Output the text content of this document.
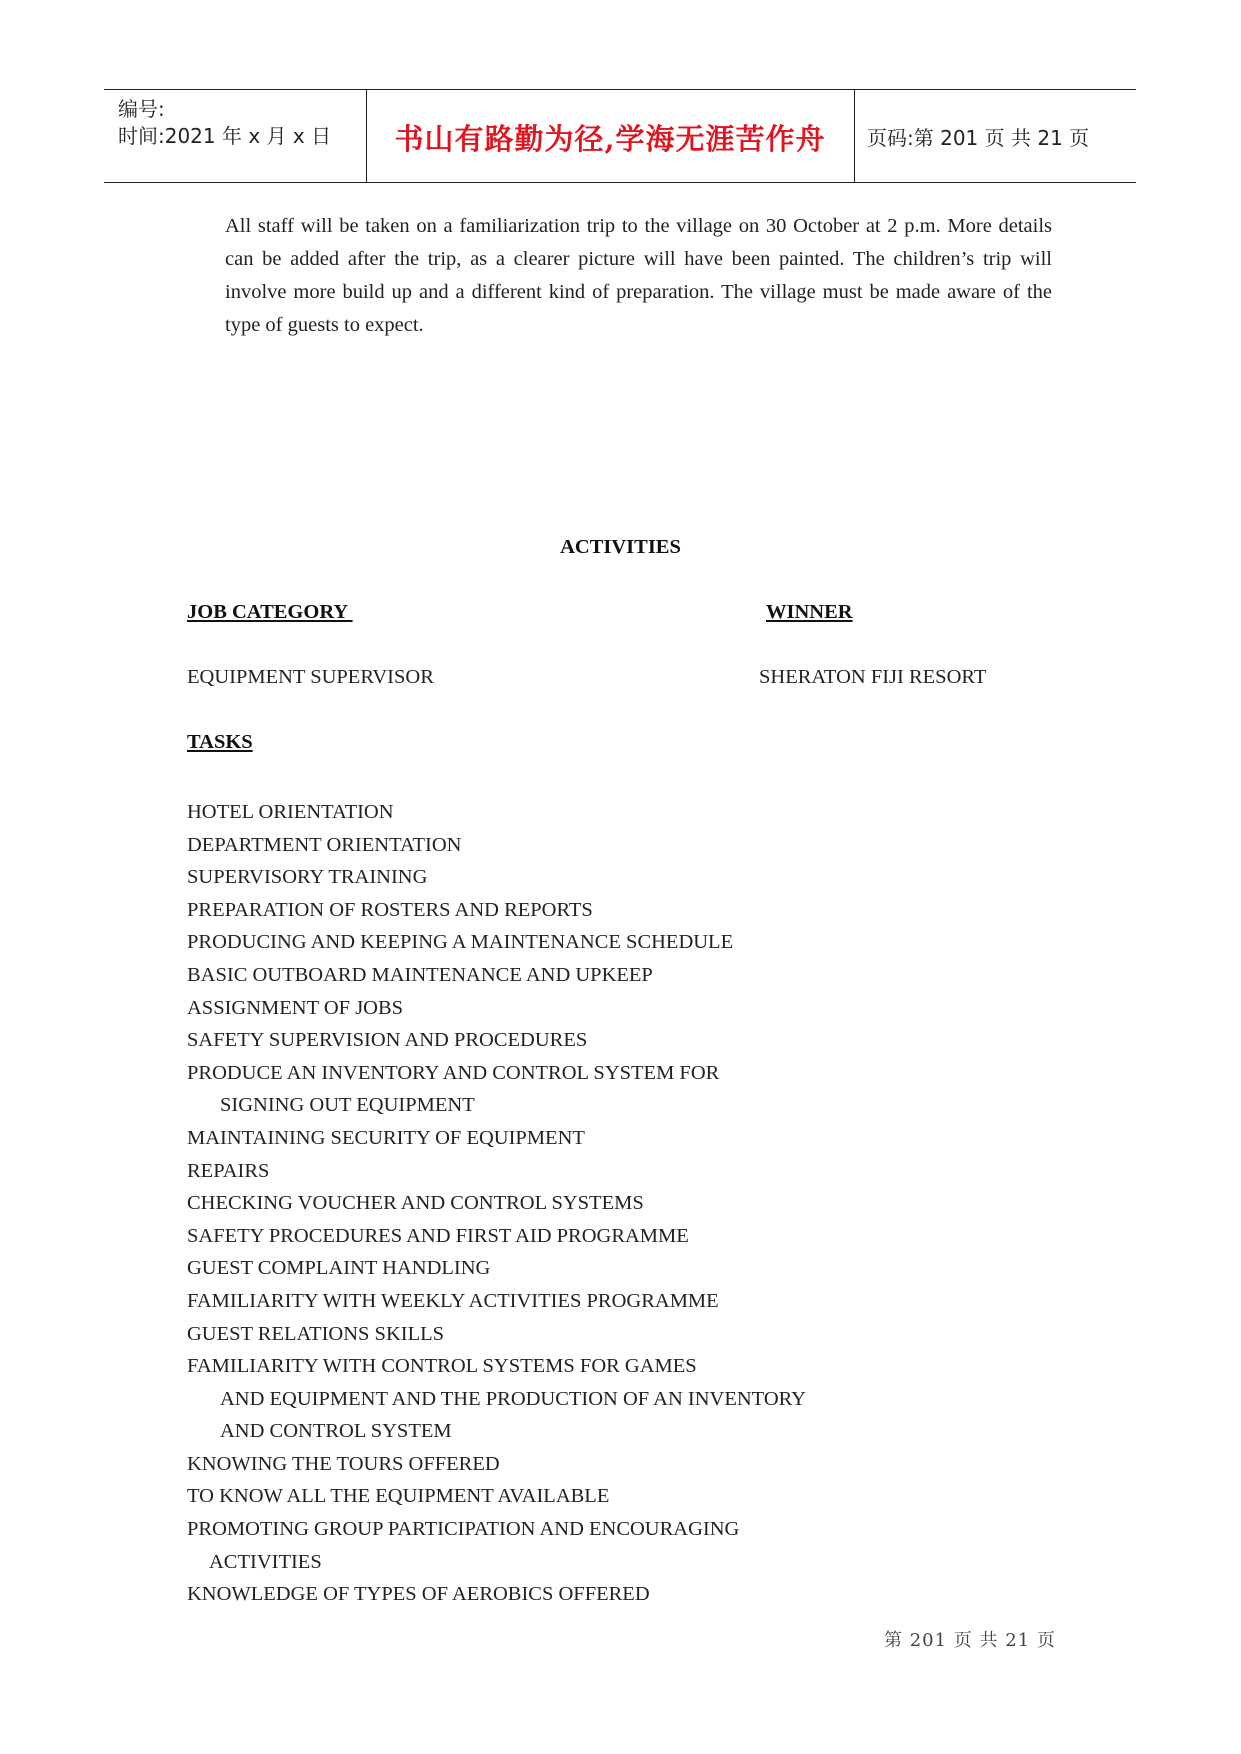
编号:
时间:2021 年 x 月 x 日	书山有路勤为径,学海无涯苦作舟	页码:第 201 页 共 21 页

All staff will be taken on a familiarization trip to the village on 30 October at 2 p.m. More details can be added after the trip, as a clearer picture will have been painted. The children’s trip will involve more build up and a different kind of preparation. The village must be made aware of the type of guests to expect.

ACTIVITIES
JOB CATEGORY	WINNER
EQUIPMENT SUPERVISOR	SHERATON FIJI RESORT
TASKS
HOTEL ORIENTATION
DEPARTMENT ORIENTATION
SUPERVISORY TRAINING
PREPARATION OF ROSTERS AND REPORTS
PRODUCING AND KEEPING A MAINTENANCE SCHEDULE
BASIC OUTBOARD MAINTENANCE AND UPKEEP
ASSIGNMENT OF JOBS
SAFETY SUPERVISION AND PROCEDURES
PRODUCE AN INVENTORY AND CONTROL SYSTEM FOR
SIGNING OUT EQUIPMENT
MAINTAINING SECURITY OF EQUIPMENT
REPAIRS
CHECKING VOUCHER AND CONTROL SYSTEMS
SAFETY PROCEDURES AND FIRST AID PROGRAMME
GUEST COMPLAINT HANDLING
FAMILIARITY WITH WEEKLY ACTIVITIES PROGRAMME
GUEST RELATIONS SKILLS
FAMILIARITY WITH CONTROL SYSTEMS FOR GAMES
AND EQUIPMENT AND THE PRODUCTION OF AN INVENTORY
AND CONTROL SYSTEM
KNOWING THE TOURS OFFERED
TO KNOW ALL THE EQUIPMENT AVAILABLE
PROMOTING GROUP PARTICIPATION AND ENCOURAGING
ACTIVITIES
KNOWLEDGE OF TYPES OF AEROBICS OFFERED
第 201 页 共 21 页
